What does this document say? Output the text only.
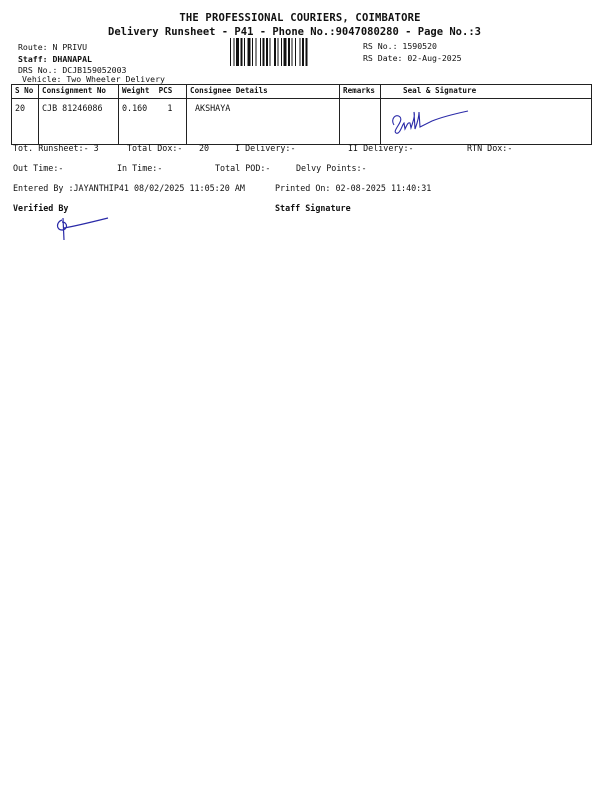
THE PROFESSIONAL COURIERS, COIMBATORE
Delivery Runsheet - P41 - Phone No.:9047080280 - Page No.:3
Route: N PRIVU
Staff: DHANAPAL
DRS No.: DCJB159052003
Vehicle: Two Wheeler Delivery
RS No.: 1590520
RS Date: 02-Aug-2025
S No	Consignment No	Weight PCS	Consignee Details	Remarks	Seal & Signature
20	CJB 81246086	0.160 1	AKSHAYA		
Tot. Runsheet:- 3	Total Dox:- 20	I Delivery:-	II Delivery:-	RTN Dox:-
Out Time:-	In Time:-	Total POD:-	Delvy Points:-
Entered By :JAYANTHIP41 08/02/2025 11:05:20 AM	Printed On: 02-08-2025 11:40:31
Verified By	Staff Signature
